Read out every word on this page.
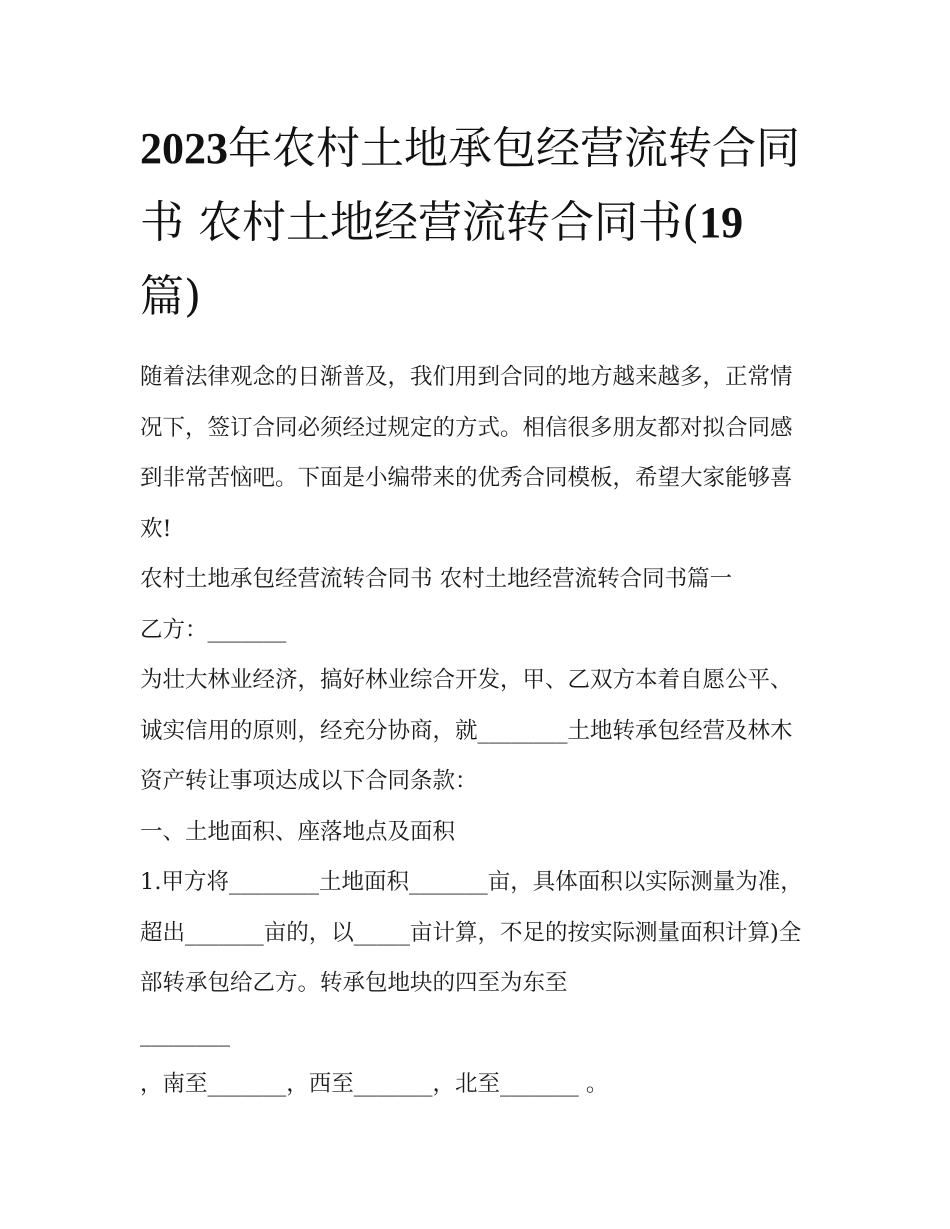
2023年农村土地承包经营流转合同书 农村土地经营流转合同书(19 篇)

随着法律观念的日渐普及，我们用到合同的地方越来越多，正常情况下，签订合同必须经过规定的方式。相信很多朋友都对拟合同感到非常苦恼吧。下面是小编带来的优秀合同模板，希望大家能够喜欢!

农村土地承包经营流转合同书 农村土地经营流转合同书篇一

乙方：_______

为壮大林业经济，搞好林业综合开发，甲、乙双方本着自愿公平、诚实信用的原则，经充分协商，就________土地转承包经营及林木资产转让事项达成以下合同条款：

一、土地面积、座落地点及面积

1.甲方将________土地面积_______亩，具体面积以实际测量为准，超出_______亩的，以_____亩计算，不足的按实际测量面积计算)全部转承包给乙方。转承包地块的四至为东至

________

，南至_______，西至_______，北至_______ 。
